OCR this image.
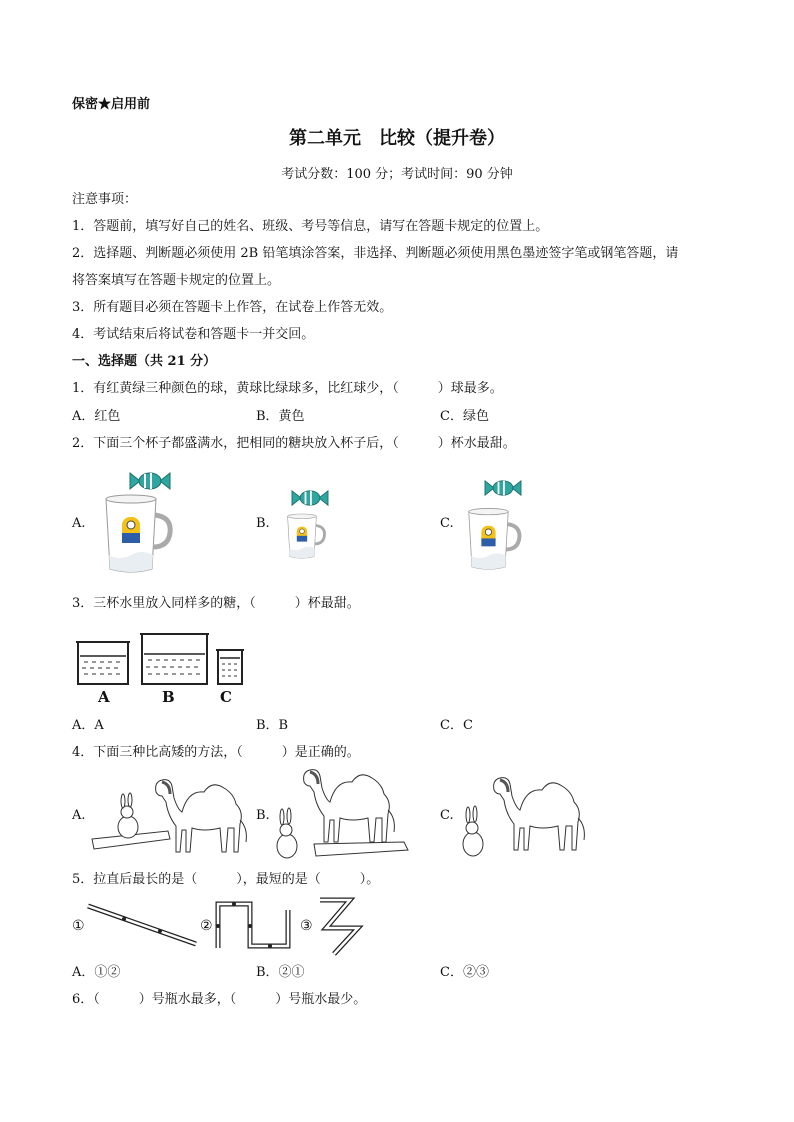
保密★启用前
第二单元　比较（提升卷）
考试分数：100 分；考试时间：90 分钟
注意事项：
1．答题前，填写好自己的姓名、班级、考号等信息，请写在答题卡规定的位置上。
2．选择题、判断题必须使用 2B 铅笔填涂答案，非选择、判断题必须使用黑色墨迹签字笔或钢笔答题，请
将答案填写在答题卡规定的位置上。
3．所有题目必须在答题卡上作答，在试卷上作答无效。
4．考试结束后将试卷和答题卡一并交回。
一、选择题（共 21 分）
1．有红黄绿三种颜色的球，黄球比绿球多，比红球少，（　　　）球最多。
A．红色	B．黄色	C．绿色
2．下面三个杯子都盛满水，把相同的糖块放入杯子后，（　　　）杯水最甜。
A.	B.	C.
3．三杯水里放入同样多的糖，（　　　）杯最甜。
A	B	C
A．A	B．B	C．C
4．下面三种比高矮的方法，（　　　）是正确的。
A.	B.	C.
5．拉直后最长的是（　　　），最短的是（　　　）。
①	②	③
A．①②	B．②①	C．②③
6．（　　　）号瓶水最多，（　　　）号瓶水最少。
